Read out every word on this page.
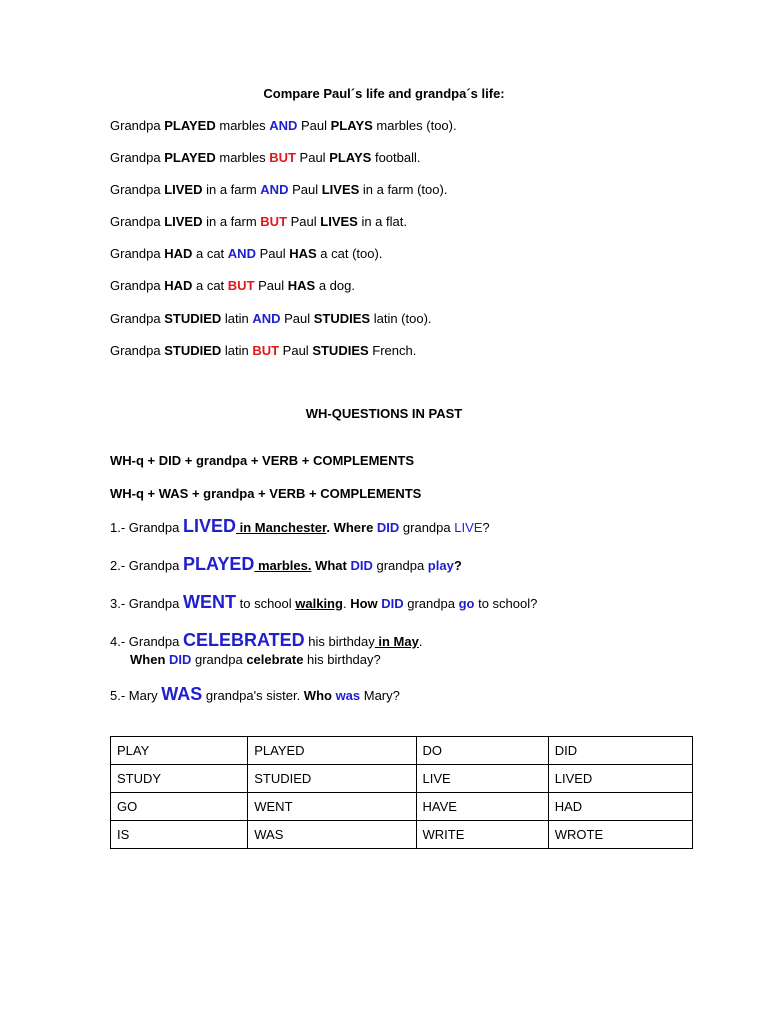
Compare Paul´s life and grandpa´s life:
Grandpa PLAYED marbles AND Paul PLAYS marbles (too).
Grandpa PLAYED marbles BUT Paul PLAYS football.
Grandpa LIVED in a farm AND Paul LIVES in a farm (too).
Grandpa LIVED in a farm BUT Paul LIVES in a flat.
Grandpa HAD a cat AND Paul HAS a cat (too).
Grandpa HAD a cat BUT Paul HAS a dog.
Grandpa STUDIED latin AND Paul STUDIES latin (too).
Grandpa STUDIED latin BUT Paul STUDIES French.
WH-QUESTIONS IN PAST
WH-q + DID + grandpa + VERB + COMPLEMENTS
WH-q + WAS + grandpa + VERB + COMPLEMENTS
1.- Grandpa LIVED in Manchester. Where DID grandpa LIVE?
2.- Grandpa PLAYED marbles. What DID grandpa play?
3.- Grandpa WENT to school walking. How DID grandpa go to school?
4.- Grandpa CELEBRATED his birthday in May.
When DID grandpa celebrate his birthday?
5.- Mary WAS grandpa's sister. Who was Mary?
PLAY	PLAYED	DO	DID
STUDY	STUDIED	LIVE	LIVED
GO	WENT	HAVE	HAD
IS	WAS	WRITE	WROTE
